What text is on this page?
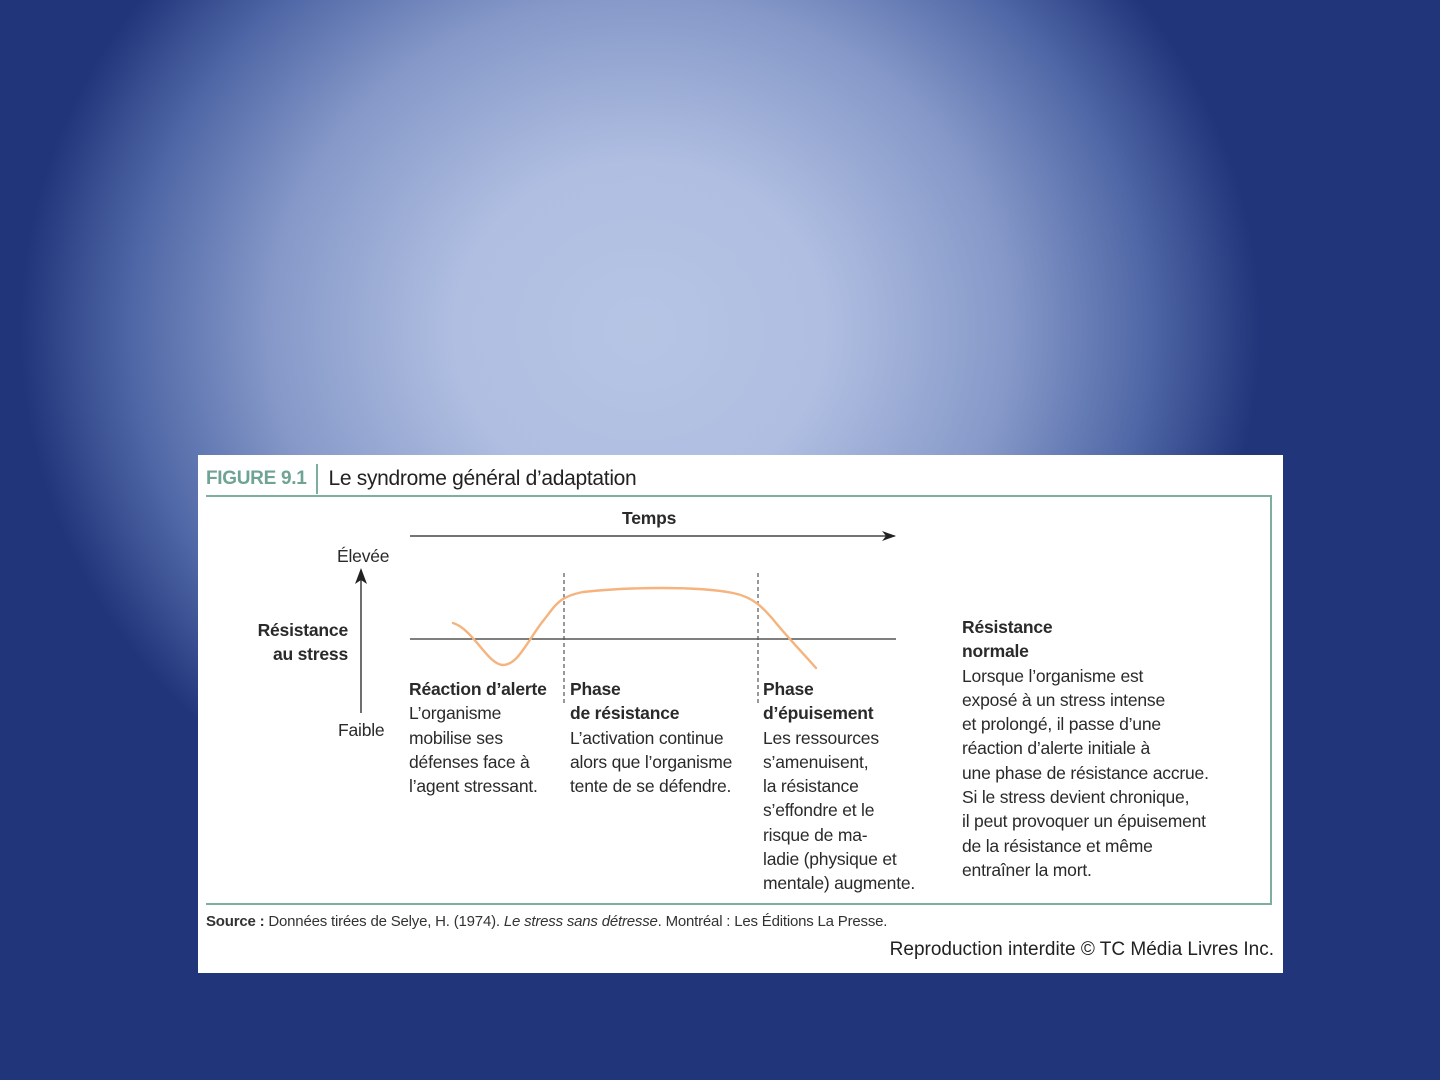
FIGURE 9.1 Le syndrome général d’adaptation
Temps
Élevée
Faible
Résistance
au stress
Réaction d’alerte
L’organisme
mobilise ses
défenses face à
l’agent stressant.
Phase
de résistance
L’activation continue
alors que l’organisme
tente de se défendre.
Phase
d’épuisement
Les ressources
s’amenuisent,
la résistance
s’effondre et le
risque de ma-
ladie (physique et
mentale) augmente.
Résistance
normale
Lorsque l’organisme est
exposé à un stress intense
et prolongé, il passe d’une
réaction d’alerte initiale à
une phase de résistance accrue.
Si le stress devient chronique,
il peut provoquer un épuisement
de la résistance et même
entraîner la mort.
Source : Données tirées de Selye, H. (1974). Le stress sans détresse. Montréal : Les Éditions La Presse.
Reproduction interdite © TC Média Livres Inc.
